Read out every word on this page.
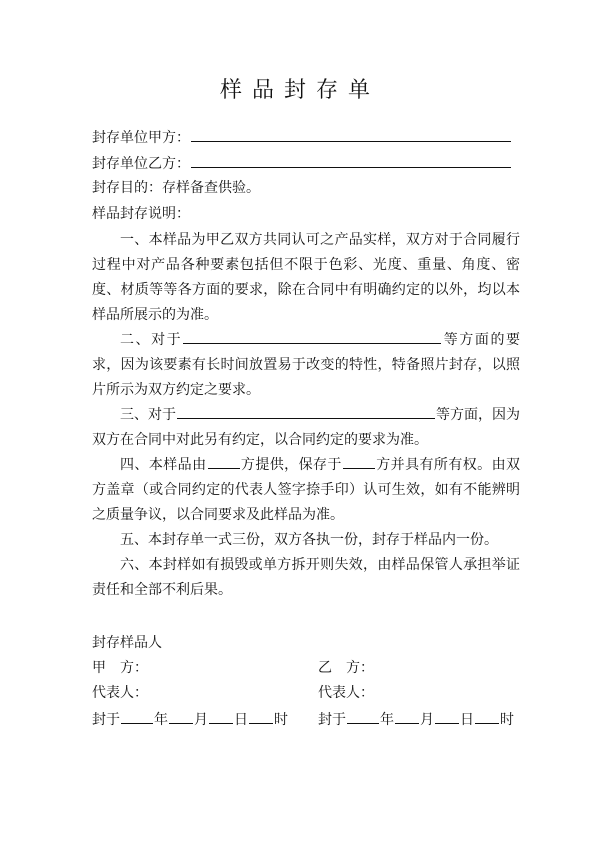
样品封存单

封存单位甲方：

封存单位乙方：

封存目的：存样备查供验。

样品封存说明：

一、本样品为甲乙双方共同认可之产品实样，双方对于合同履行过程中对产品各种要素包括但不限于色彩、光度、重量、角度、密度、材质等等各方面的要求，除在合同中有明确约定的以外，均以本样品所展示的为准。

二、对于	等方面的要求，因为该要素有长时间放置易于改变的特性，特备照片封存，以照片所示为双方约定之要求。

三、对于	等方面，因为双方在合同中对此另有约定，以合同约定的要求为准。

四、本样品由 方提供，保存于 方并具有所有权。由双方盖章（或合同约定的代表人签字捺手印）认可生效，如有不能辨明之质量争议，以合同要求及此样品为准。

五、本封存单一式三份，双方各执一份，封存于样品内一份。

六、本封样如有损毁或单方拆开则失效，由样品保管人承担举证责任和全部不利后果。

封存样品人

甲　方：	乙　方：

代表人：	代表人：

封于 年 月 日 时 封于 年 月 日 时
